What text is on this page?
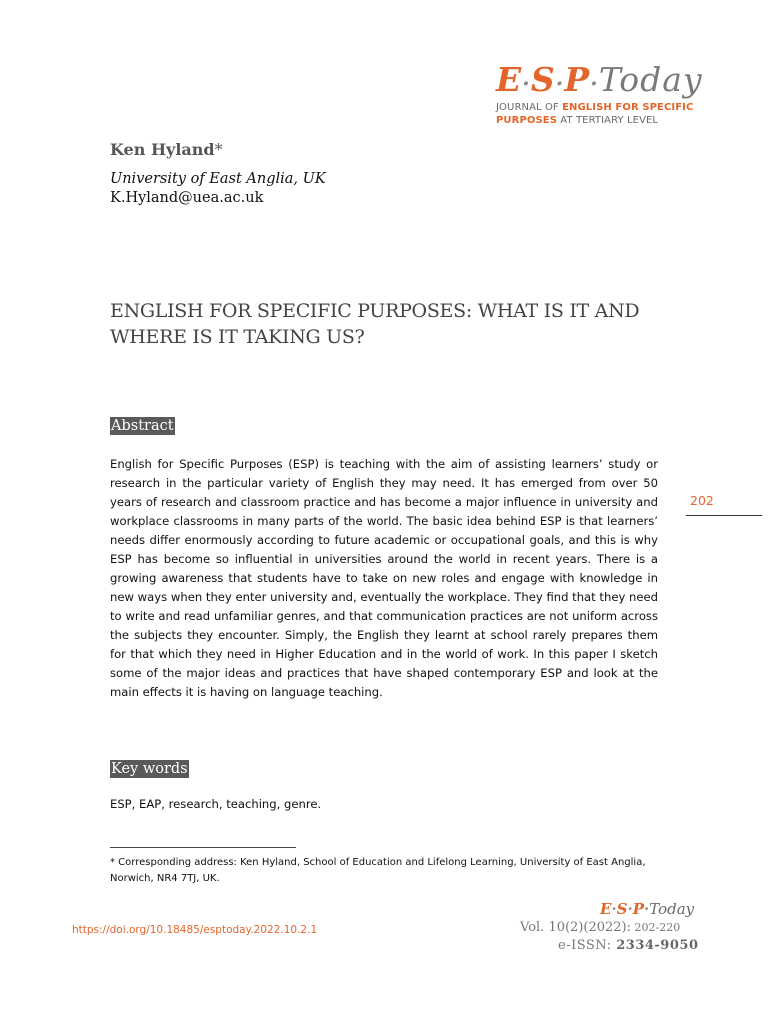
E·S·P·Today
JOURNAL OF ENGLISH FOR SPECIFIC
PURPOSES AT TERTIARY LEVEL
Ken Hyland*
University of East Anglia, UK
K.Hyland@uea.ac.uk
ENGLISH FOR SPECIFIC PURPOSES: WHAT IS IT AND WHERE IS IT TAKING US?
Abstract
English for Specific Purposes (ESP) is teaching with the aim of assisting learners’ study or research in the particular variety of English they may need. It has emerged from over 50 years of research and classroom practice and has become a major influence in university and workplace classrooms in many parts of the world. The basic idea behind ESP is that learners’ needs differ enormously according to future academic or occupational goals, and this is why ESP has become so influential in universities around the world in recent years. There is a growing awareness that students have to take on new roles and engage with knowledge in new ways when they enter university and, eventually the workplace. They find that they need to write and read unfamiliar genres, and that communication practices are not uniform across the subjects they encounter. Simply, the English they learnt at school rarely prepares them for that which they need in Higher Education and in the world of work. In this paper I sketch some of the major ideas and practices that have shaped contemporary ESP and look at the main effects it is having on language teaching.
202
Key words
ESP, EAP, research, teaching, genre.
* Corresponding address: Ken Hyland, School of Education and Lifelong Learning, University of East Anglia, Norwich, NR4 7TJ, UK.
https://doi.org/10.18485/esptoday.2022.10.2.1
E·S·P·Today
Vol. 10(2)(2022): 202-220
e-ISSN: 2334-9050
